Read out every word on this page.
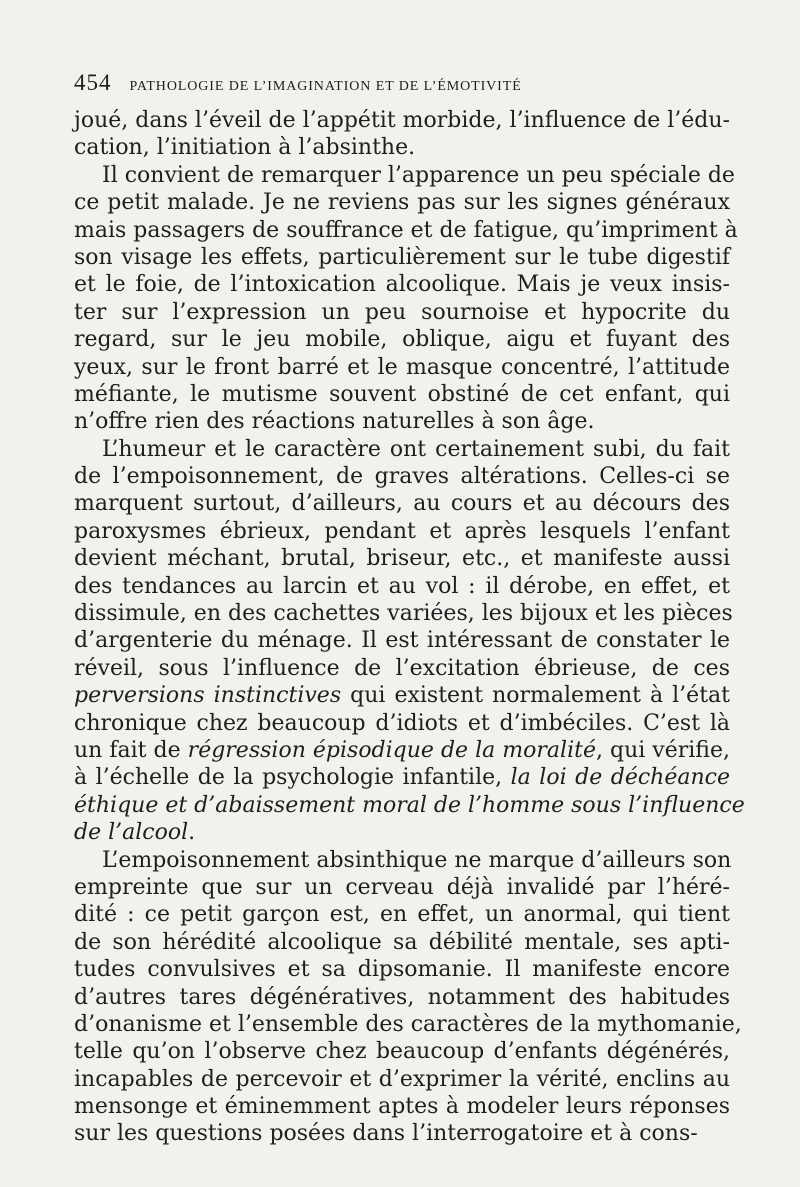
454 PATHOLOGIE DE L’IMAGINATION ET DE L’ÉMOTIVITÉ
joué, dans l’éveil de l’appétit morbide, l’influence de l’édu-
cation, l’initiation à l’absinthe.
Il convient de remarquer l’apparence un peu spéciale de
ce petit malade. Je ne reviens pas sur les signes généraux
mais passagers de souffrance et de fatigue, qu’impriment à
son visage les effets, particulièrement sur le tube digestif
et le foie, de l’intoxication alcoolique. Mais je veux insis-
ter sur l’expression un peu sournoise et hypocrite du
regard, sur le jeu mobile, oblique, aigu et fuyant des
yeux, sur le front barré et le masque concentré, l’attitude
méfiante, le mutisme souvent obstiné de cet enfant, qui
n’offre rien des réactions naturelles à son âge.
L’humeur et le caractère ont certainement subi, du fait
de l’empoisonnement, de graves altérations. Celles-ci se
marquent surtout, d’ailleurs, au cours et au décours des
paroxysmes ébrieux, pendant et après lesquels l’enfant
devient méchant, brutal, briseur, etc., et manifeste aussi
des tendances au larcin et au vol : il dérobe, en effet, et
dissimule, en des cachettes variées, les bijoux et les pièces
d’argenterie du ménage. Il est intéressant de constater le
réveil, sous l’influence de l’excitation ébrieuse, de ces
perversions instinctives qui existent normalement à l’état
chronique chez beaucoup d’idiots et d’imbéciles. C’est là
un fait de régression épisodique de la moralité, qui vérifie,
à l’échelle de la psychologie infantile, la loi de déchéance
éthique et d’abaissement moral de l’homme sous l’influence
de l’alcool.
L’empoisonnement absinthique ne marque d’ailleurs son
empreinte que sur un cerveau déjà invalidé par l’héré-
dité : ce petit garçon est, en effet, un anormal, qui tient
de son hérédité alcoolique sa débilité mentale, ses apti-
tudes convulsives et sa dipsomanie. Il manifeste encore
d’autres tares dégénératives, notamment des habitudes
d’onanisme et l’ensemble des caractères de la mythomanie,
telle qu’on l’observe chez beaucoup d’enfants dégénérés,
incapables de percevoir et d’exprimer la vérité, enclins au
mensonge et éminemment aptes à modeler leurs réponses
sur les questions posées dans l’interrogatoire et à cons-
